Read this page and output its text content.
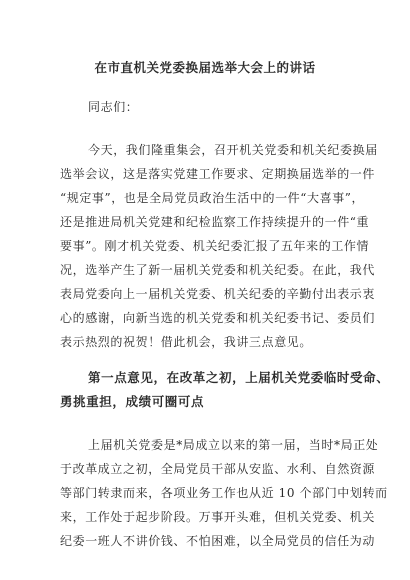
在市直机关党委换届选举大会上的讲话
同志们：
今天，我们隆重集会，召开机关党委和机关纪委换届
选举会议，这是落实党建工作要求、定期换届选举的一件
“规定事”，也是全局党员政治生活中的一件“大喜事”，
还是推进局机关党建和纪检监察工作持续提升的一件“重
要事”。刚才机关党委、机关纪委汇报了五年来的工作情
况，选举产生了新一届机关党委和机关纪委。在此，我代
表局党委向上一届机关党委、机关纪委的辛勤付出表示衷
心的感谢，向新当选的机关党委和机关纪委书记、委员们
表示热烈的祝贺！借此机会，我讲三点意见。
第一点意见，在改革之初，上届机关党委临时受命、
勇挑重担，成绩可圈可点
上届机关党委是*局成立以来的第一届，当时*局正处
于改革成立之初，全局党员干部从安监、水利、自然资源
等部门转隶而来，各项业务工作也从近 10 个部门中划转而
来，工作处于起步阶段。万事开头难，但机关党委、机关
纪委一班人不讲价钱、不怕困难，以全局党员的信任为动
